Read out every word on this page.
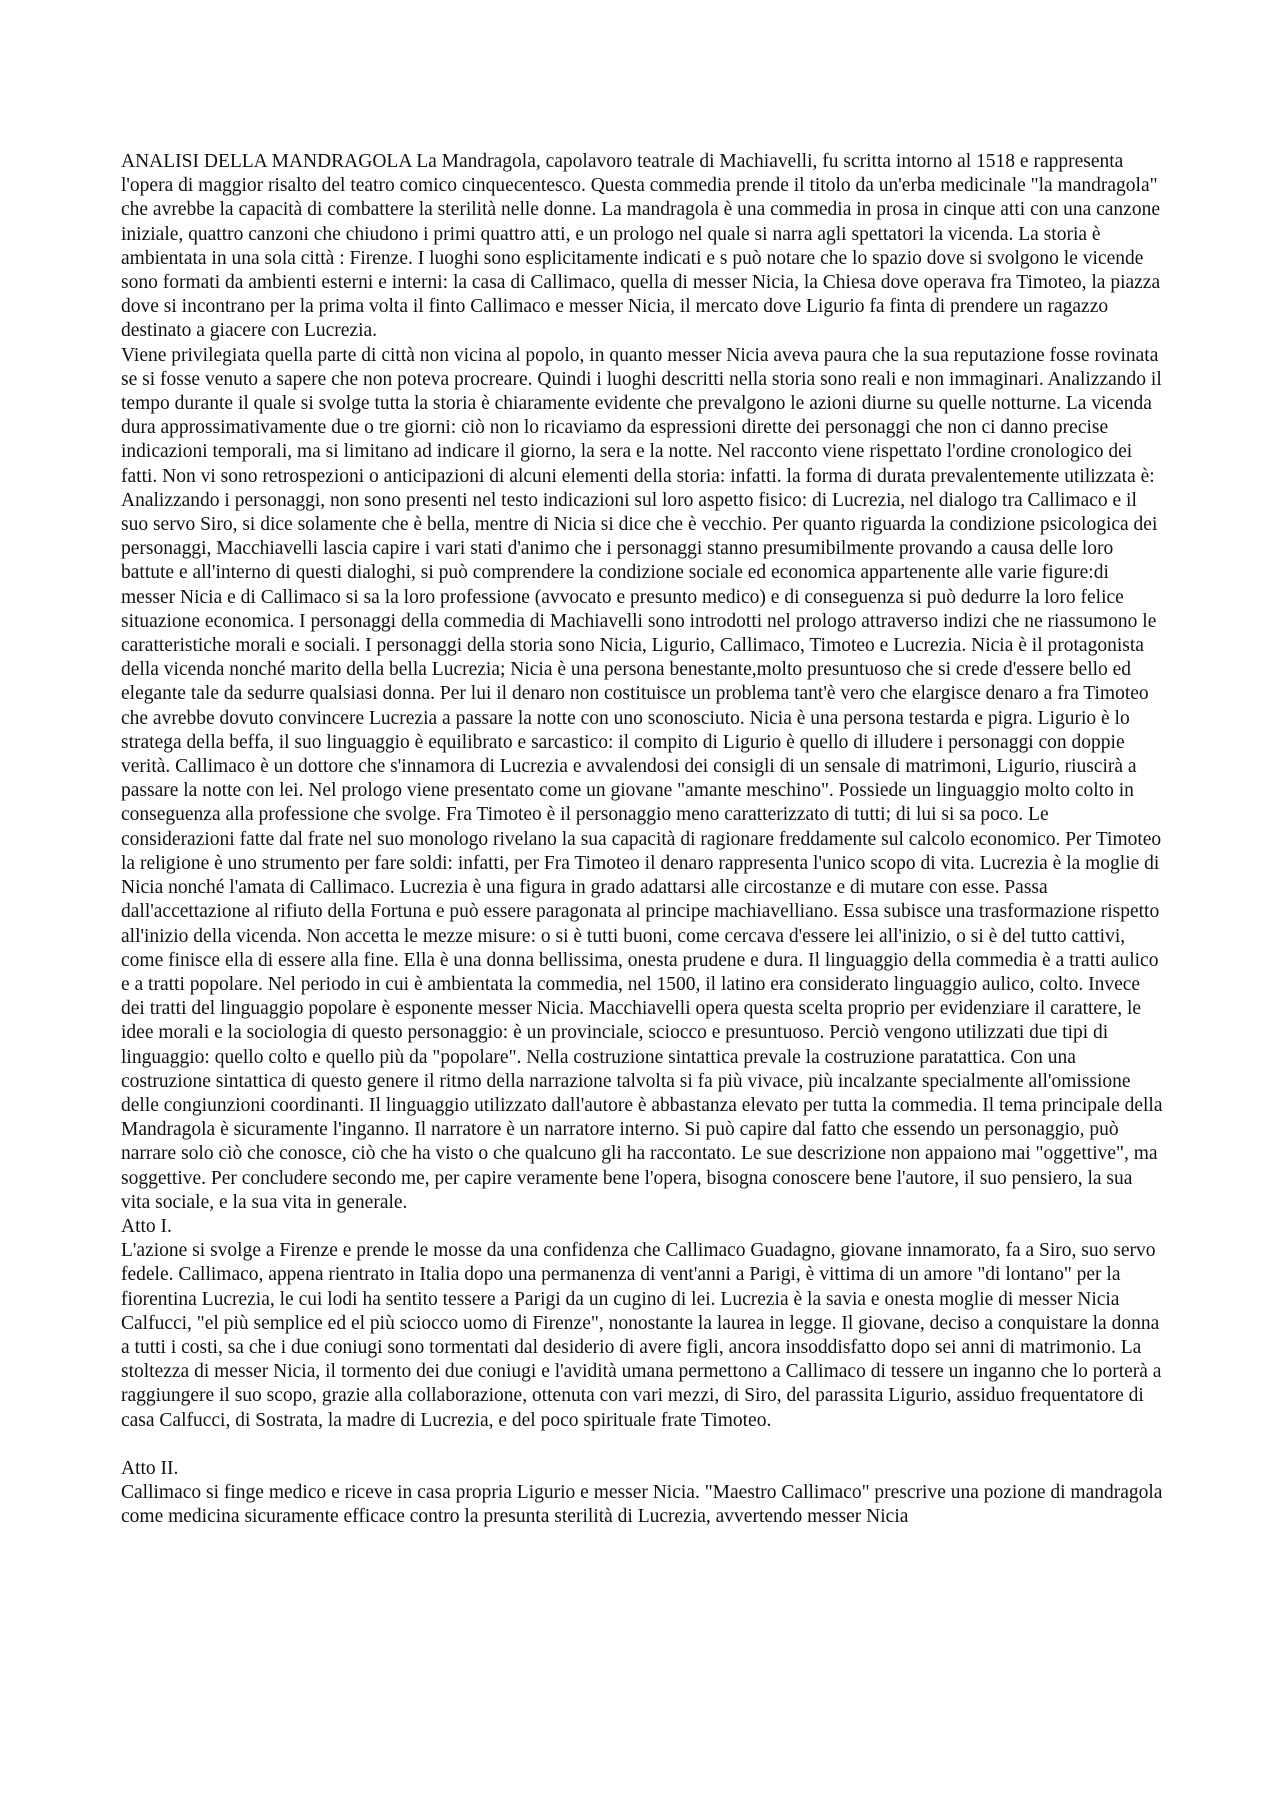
ANALISI DELLA MANDRAGOLA La Mandragola, capolavoro teatrale di Machiavelli, fu scritta intorno al 1518 e rappresenta l'opera di maggior risalto del teatro comico cinquecentesco. Questa commedia prende il titolo da un'erba medicinale "la mandragola" che avrebbe la capacità di combattere la sterilità nelle donne. La mandragola è una commedia in prosa in cinque atti con una canzone iniziale, quattro canzoni che chiudono i primi quattro atti, e un prologo nel quale si narra agli spettatori la vicenda. La storia è ambientata in una sola città : Firenze. I luoghi sono esplicitamente indicati e s può notare che lo spazio dove si svolgono le vicende sono formati da ambienti esterni e interni: la casa di Callimaco, quella di messer Nicia, la Chiesa dove operava fra Timoteo, la piazza dove si incontrano per la prima volta il finto Callimaco e messer Nicia, il mercato dove Ligurio fa finta di prendere un ragazzo destinato a giacere con Lucrezia.

Viene privilegiata quella parte di città non vicina al popolo, in quanto messer Nicia aveva paura che la sua reputazione fosse rovinata se si fosse venuto a sapere che non poteva procreare. Quindi i luoghi descritti nella storia sono reali e non immaginari. Analizzando il tempo durante il quale si svolge tutta la storia è chiaramente evidente che prevalgono le azioni diurne su quelle notturne. La vicenda dura approssimativamente due o tre giorni: ciò non lo ricaviamo da espressioni dirette dei personaggi che non ci danno precise indicazioni temporali, ma si limitano ad indicare il giorno, la sera e la notte. Nel racconto viene rispettato l'ordine cronologico dei fatti. Non vi sono retrospezioni o anticipazioni di alcuni elementi della storia: infatti. la forma di durata prevalentemente utilizzata è: Analizzando i personaggi, non sono presenti nel testo indicazioni sul loro aspetto fisico: di Lucrezia, nel dialogo tra Callimaco e il suo servo Siro, si dice solamente che è bella, mentre di Nicia si dice che è vecchio. Per quanto riguarda la condizione psicologica dei personaggi, Macchiavelli lascia capire i vari stati d'animo che i personaggi stanno presumibilmente provando a causa delle loro battute e all'interno di questi dialoghi, si può comprendere la condizione sociale ed economica appartenente alle varie figure:di messer Nicia e di Callimaco si sa la loro professione (avvocato e presunto medico) e di conseguenza si può dedurre la loro felice situazione economica. I personaggi della commedia di Machiavelli sono introdotti nel prologo attraverso indizi che ne riassumono le caratteristiche morali e sociali. I personaggi della storia sono Nicia, Ligurio, Callimaco, Timoteo e Lucrezia. Nicia è il protagonista della vicenda nonché marito della bella Lucrezia; Nicia è una persona benestante,molto presuntuoso che si crede d'essere bello ed elegante tale da sedurre qualsiasi donna. Per lui il denaro non costituisce un problema tant'è vero che elargisce denaro a fra Timoteo che avrebbe dovuto convincere Lucrezia a passare la notte con uno sconosciuto. Nicia è una persona testarda e pigra. Ligurio è lo stratega della beffa, il suo linguaggio è equilibrato e sarcastico: il compito di Ligurio è quello di illudere i personaggi con doppie verità. Callimaco è un dottore che s'innamora di Lucrezia e avvalendosi dei consigli di un sensale di matrimoni, Ligurio, riuscirà a passare la notte con lei. Nel prologo viene presentato come un giovane "amante meschino". Possiede un linguaggio molto colto in conseguenza alla professione che svolge. Fra Timoteo è il personaggio meno caratterizzato di tutti; di lui si sa poco. Le considerazioni fatte dal frate nel suo monologo rivelano la sua capacità di ragionare freddamente sul calcolo economico. Per Timoteo la religione è uno strumento per fare soldi: infatti, per Fra Timoteo il denaro rappresenta l'unico scopo di vita. Lucrezia è la moglie di Nicia nonché l'amata di Callimaco. Lucrezia è una figura in grado adattarsi alle circostanze e di mutare con esse. Passa dall'accettazione al rifiuto della Fortuna e può essere paragonata al principe machiavelliano. Essa subisce una trasformazione rispetto all'inizio della vicenda. Non accetta le mezze misure: o si è tutti buoni, come cercava d'essere lei all'inizio, o si è del tutto cattivi, come finisce ella di essere alla fine. Ella è una donna bellissima, onesta prudene e dura. Il linguaggio della commedia è a tratti aulico e a tratti popolare. Nel periodo in cui è ambientata la commedia, nel 1500, il latino era considerato linguaggio aulico, colto. Invece dei tratti del linguaggio popolare è esponente messer Nicia. Macchiavelli opera questa scelta proprio per evidenziare il carattere, le idee morali e la sociologia di questo personaggio: è un provinciale, sciocco e presuntuoso. Perciò vengono utilizzati due tipi di linguaggio: quello colto e quello più da "popolare". Nella costruzione sintattica prevale la costruzione paratattica. Con una costruzione sintattica di questo genere il ritmo della narrazione talvolta si fa più vivace, più incalzante specialmente all'omissione delle congiunzioni coordinanti. Il linguaggio utilizzato dall'autore è abbastanza elevato per tutta la commedia. Il tema principale della Mandragola è sicuramente l'inganno. Il narratore è un narratore interno. Si può capire dal fatto che essendo un personaggio, può narrare solo ciò che conosce, ciò che ha visto o che qualcuno gli ha raccontato. Le sue descrizione non appaiono mai "oggettive", ma soggettive. Per concludere secondo me, per capire veramente bene l'opera, bisogna conoscere bene l'autore, il suo pensiero, la sua vita sociale, e la sua vita in generale.

Atto I.

L'azione si svolge a Firenze e prende le mosse da una confidenza che Callimaco Guadagno, giovane innamorato, fa a Siro, suo servo fedele. Callimaco, appena rientrato in Italia dopo una permanenza di vent'anni a Parigi, è vittima di un amore "di lontano" per la fiorentina Lucrezia, le cui lodi ha sentito tessere a Parigi da un cugino di lei. Lucrezia è la savia e onesta moglie di messer Nicia Calfucci, "el più semplice ed el più sciocco uomo di Firenze", nonostante la laurea in legge. Il giovane, deciso a conquistare la donna a tutti i costi, sa che i due coniugi sono tormentati dal desiderio di avere figli, ancora insoddisfatto dopo sei anni di matrimonio. La stoltezza di messer Nicia, il tormento dei due coniugi e l'avidità umana permettono a Callimaco di tessere un inganno che lo porterà a raggiungere il suo scopo, grazie alla collaborazione, ottenuta con vari mezzi, di Siro, del parassita Ligurio, assiduo frequentatore di casa Calfucci, di Sostrata, la madre di Lucrezia, e del poco spirituale frate Timoteo.

Atto II.

Callimaco si finge medico e riceve in casa propria Ligurio e messer Nicia. "Maestro Callimaco" prescrive una pozione di mandragola come medicina sicuramente efficace contro la presunta sterilità di Lucrezia, avvertendo messer Nicia
